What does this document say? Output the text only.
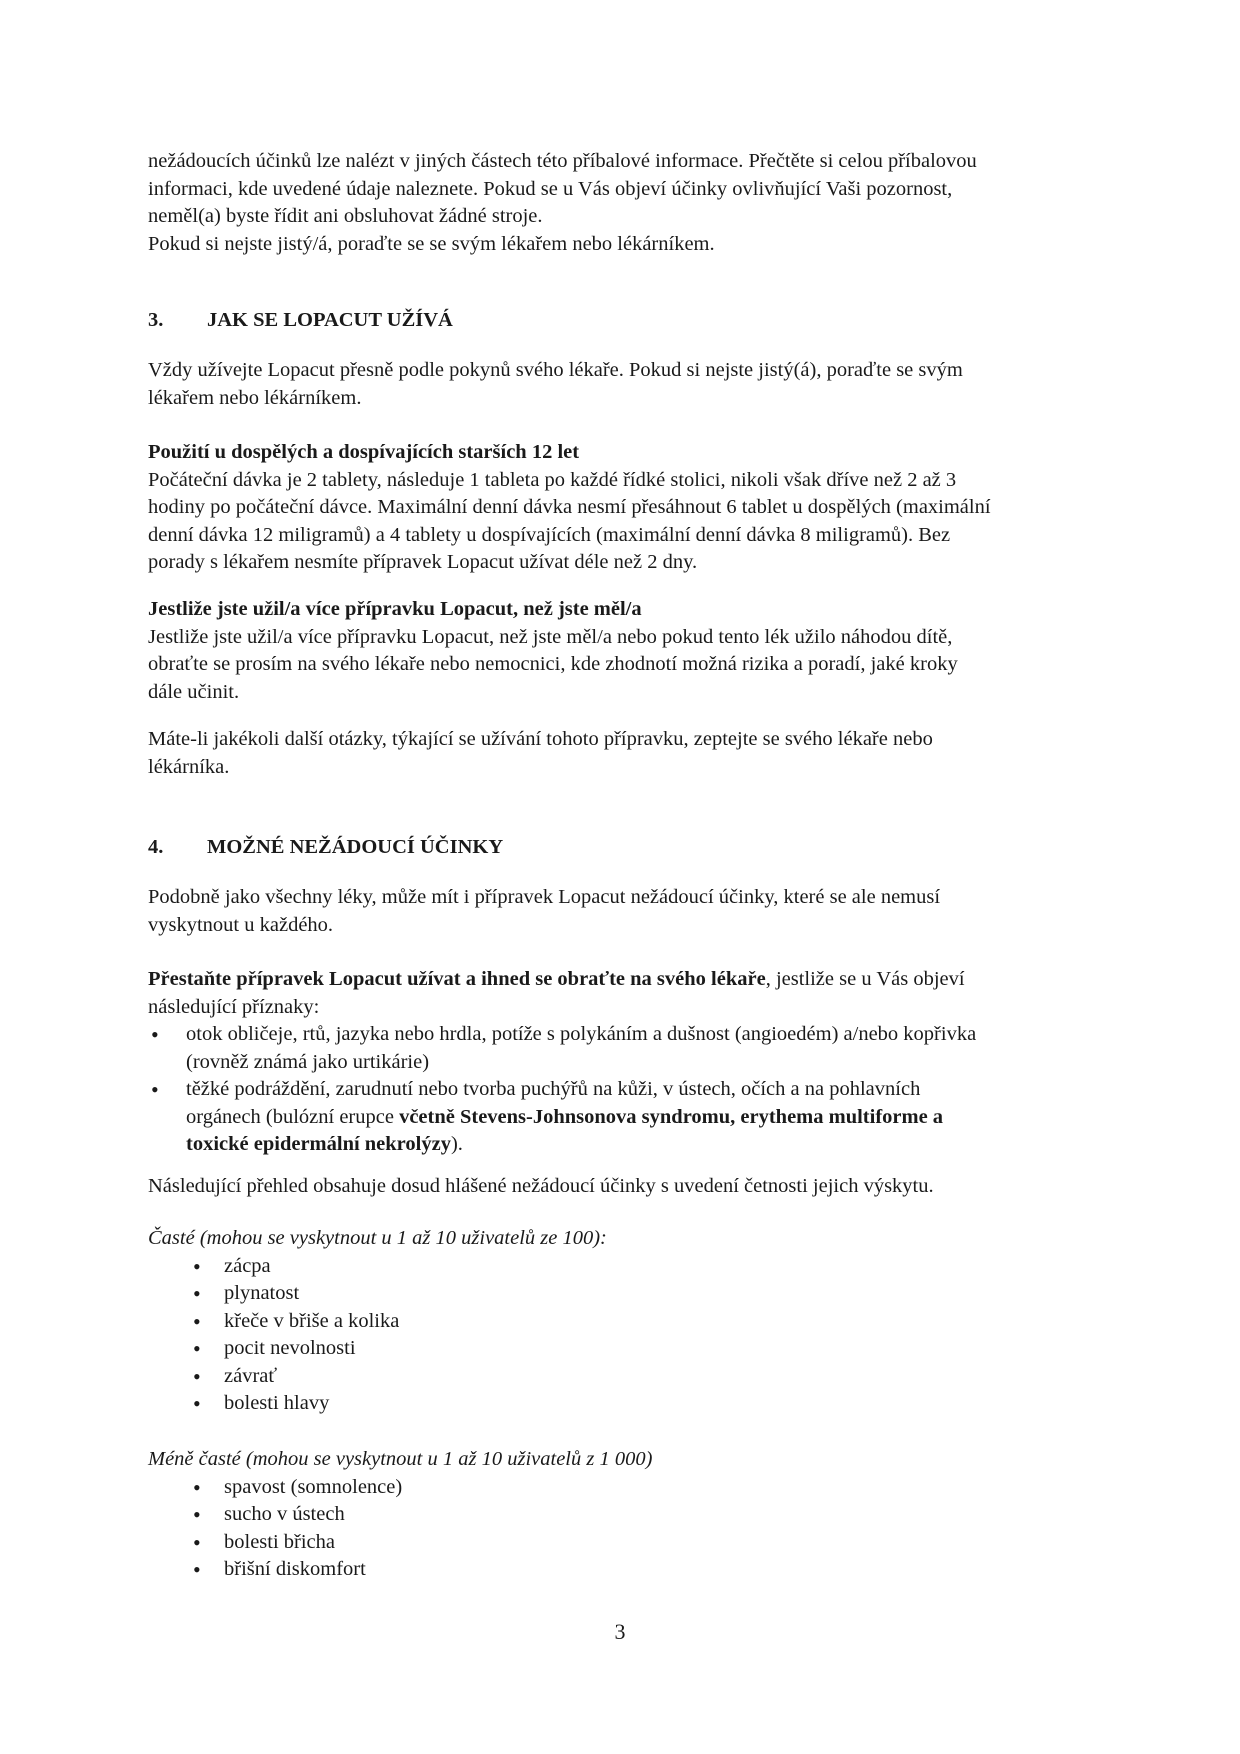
nežádoucích účinků lze nalézt v jiných částech této příbalové informace. Přečtěte si celou příbalovou

informaci, kde uvedené údaje naleznete. Pokud se u Vás objeví účinky ovlivňující Vaši pozornost,

neměl(a) byste řídit ani obsluhovat žádné stroje.

Pokud si nejste jistý/á, poraďte se se svým lékařem nebo lékárníkem.

3. JAK SE LOPACUT UŽÍVÁ

Vždy užívejte Lopacut přesně podle pokynů svého lékaře. Pokud si nejste jistý(á), poraďte se svým

lékařem nebo lékárníkem.

Použití u dospělých a dospívajících starších 12 let

Počáteční dávka je 2 tablety, následuje 1 tableta po každé řídké stolici, nikoli však dříve než 2 až 3

hodiny po počáteční dávce. Maximální denní dávka nesmí přesáhnout 6 tablet u dospělých (maximální

denní dávka 12 miligramů) a 4 tablety u dospívajících (maximální denní dávka 8 miligramů). Bez

porady s lékařem nesmíte přípravek Lopacut užívat déle než 2 dny.

Jestliže jste užil/a více přípravku Lopacut, než jste měl/a

Jestliže jste užil/a více přípravku Lopacut, než jste měl/a nebo pokud tento lék užilo náhodou dítě,

obraťte se prosím na svého lékaře nebo nemocnici, kde zhodnotí možná rizika a poradí, jaké kroky

dále učinit.

Máte-li jakékoli další otázky, týkající se užívání tohoto přípravku, zeptejte se svého lékaře nebo

lékárníka.

4. MOŽNÉ NEŽÁDOUCÍ ÚČINKY

Podobně jako všechny léky, může mít i přípravek Lopacut nežádoucí účinky, které se ale nemusí

vyskytnout u každého.

Přestaňte přípravek Lopacut užívat a ihned se obraťte na svého lékaře, jestliže se u Vás objeví

následující příznaky:

• otok obličeje, rtů, jazyka nebo hrdla, potíže s polykáním a dušnost (angioedém) a/nebo kopřivka
(rovněž známá jako urtikárie)
• těžké podráždění, zarudnutí nebo tvorba puchýřů na kůži, v ústech, očích a na pohlavních
orgánech (bulózní erupce včetně Stevens-Johnsonova syndromu, erythema multiforme a
toxické epidermální nekrolýzy).

Následující přehled obsahuje dosud hlášené nežádoucí účinky s uvedení četnosti jejich výskytu.

Časté (mohou se vyskytnout u 1 až 10 uživatelů ze 100):

• zácpa
• plynatost
• křeče v břiše a kolika
• pocit nevolnosti
• závrať
• bolesti hlavy

Méně časté (mohou se vyskytnout u 1 až 10 uživatelů z 1 000)

• spavost (somnolence)
• sucho v ústech
• bolesti břicha
• břišní diskomfort
3
